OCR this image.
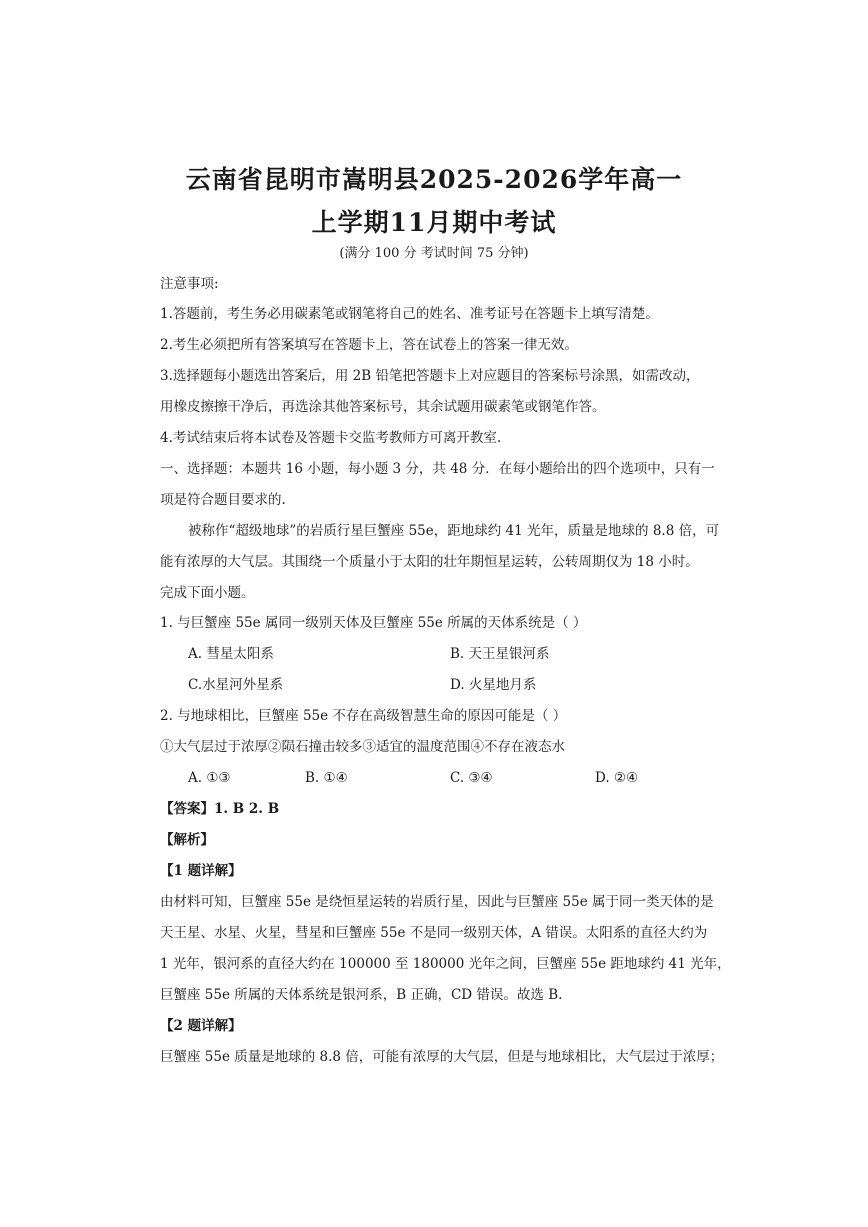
云南省昆明市嵩明县2025-2026学年高一
上学期11月期中考试
(满分 100 分 考试时间 75 分钟)
注意事项:
1.答题前，考生务必用碳素笔或钢笔将自己的姓名、准考证号在答题卡上填写清楚。
2.考生必须把所有答案填写在答题卡上，答在试卷上的答案一律无效。
3.选择题每小题选出答案后，用 2B 铅笔把答题卡上对应题目的答案标号涂黑，如需改动，
用橡皮擦擦干净后，再选涂其他答案标号，其余试题用碳素笔或钢笔作答。
4.考试结束后将本试卷及答题卡交监考教师方可离开教室.
一、选择题：本题共 16 小题，每小题 3 分，共 48 分．在每小题给出的四个选项中，只有一
项是符合题目要求的.
被称作“超级地球”的岩质行星巨蟹座 55e，距地球约 41 光年，质量是地球的 8.8 倍，可
能有浓厚的大气层。其围绕一个质量小于太阳的壮年期恒星运转，公转周期仅为 18 小时。
完成下面小题。
1. 与巨蟹座 55e 属同一级别天体及巨蟹座 55e 所属的天体系统是（ ）
A. 彗星太阳系	B. 天王星银河系
C.水星河外星系	D. 火星地月系
2. 与地球相比，巨蟹座 55e 不存在高级智慧生命的原因可能是（ ）
①大气层过于浓厚②陨石撞击较多③适宜的温度范围④不存在液态水
A. ①③	B. ①④	C. ③④	D. ②④
【答案】1. B 2. B
【解析】
【1 题详解】
由材料可知，巨蟹座 55e 是绕恒星运转的岩质行星，因此与巨蟹座 55e 属于同一类天体的是
天王星、水星、火星，彗星和巨蟹座 55e 不是同一级别天体，A 错误。太阳系的直径大约为
1 光年，银河系的直径大约在 100000 至 180000 光年之间，巨蟹座 55e 距地球约 41 光年，
巨蟹座 55e 所属的天体系统是银河系，B 正确，CD 错误。故选 B.
【2 题详解】
巨蟹座 55e 质量是地球的 8.8 倍，可能有浓厚的大气层，但是与地球相比，大气层过于浓厚；
